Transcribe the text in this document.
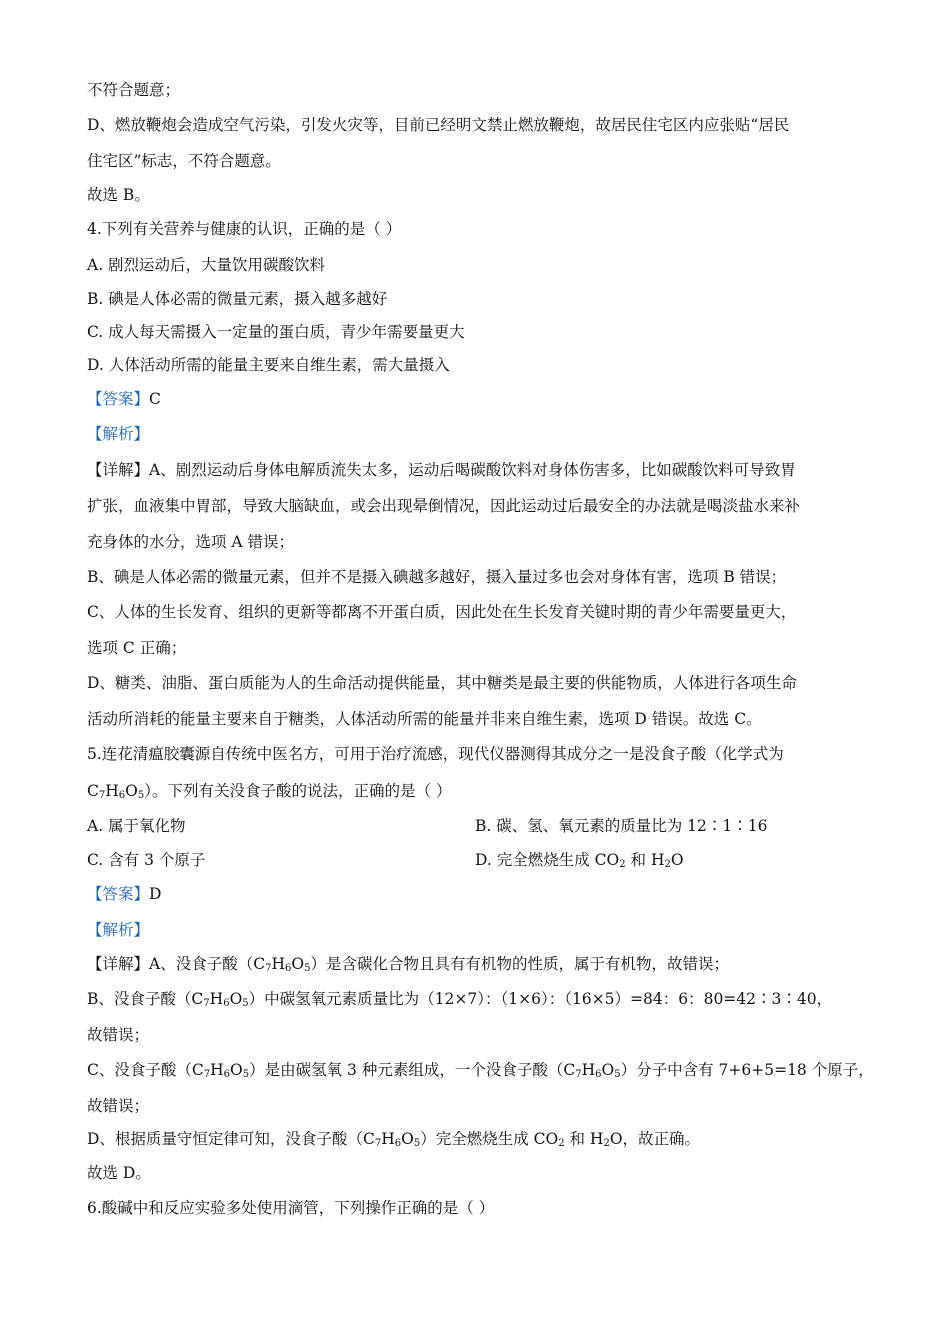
不符合题意；
D、燃放鞭炮会造成空气污染，引发火灾等，目前已经明文禁止燃放鞭炮，故居民住宅区内应张贴“居民
住宅区”标志，不符合题意。
故选 B。
4.下列有关营养与健康的认识，正确的是（ ）
A. 剧烈运动后，大量饮用碳酸饮料
B. 碘是人体必需的微量元素，摄入越多越好
C. 成人每天需摄入一定量的蛋白质，青少年需要量更大
D. 人体活动所需的能量主要来自维生素，需大量摄入
【答案】C
【解析】
【详解】A、剧烈运动后身体电解质流失太多，运动后喝碳酸饮料对身体伤害多，比如碳酸饮料可导致胃
扩张，血液集中胃部，导致大脑缺血，或会出现晕倒情况，因此运动过后最安全的办法就是喝淡盐水来补
充身体的水分，选项 A 错误；
B、碘是人体必需的微量元素，但并不是摄入碘越多越好，摄入量过多也会对身体有害，选项 B 错误；
C、人体的生长发育、组织的更新等都离不开蛋白质，因此处在生长发育关键时期的青少年需要量更大，
选项 C 正确；
D、糖类、油脂、蛋白质能为人的生命活动提供能量，其中糖类是最主要的供能物质，人体进行各项生命
活动所消耗的能量主要来自于糖类，人体活动所需的能量并非来自维生素，选项 D 错误。故选 C。
5.连花清瘟胶囊源自传统中医名方，可用于治疗流感，现代仪器测得其成分之一是没食子酸（化学式为
$C_7H_6O_5$）。下列有关没食子酸的说法，正确的是（ ）
A. 属于氧化物	B. 碳、氢、氧元素的质量比为 12∶1∶16
C. 含有 3 个原子	D. 完全燃烧生成 $CO_2$ 和 $H_2O$
【答案】D
【解析】
【详解】A、没食子酸$(C_7H_6O_5)$是含碳化合物且具有有机物的性质，属于有机物，故错误；
B、没食子酸$(C_7H_6O_5)$中碳氢氧元素质量比为（12×7）：（1×6）：（16×5）=84：6：80=42∶3∶40，
故错误；
C、没食子酸$(C_7H_6O_5)$是由碳氢氧 3 种元素组成，一个没食子酸$(C_7H_6O_5)$分子中含有 7+6+5=18 个原子，
故错误；
D、根据质量守恒定律可知，没食子酸$(C_7H_6O_5)$完全燃烧生成 $CO_2$ 和 $H_2O$，故正确。
故选 D。
6.酸碱中和反应实验多处使用滴管，下列操作正确的是（ ）
